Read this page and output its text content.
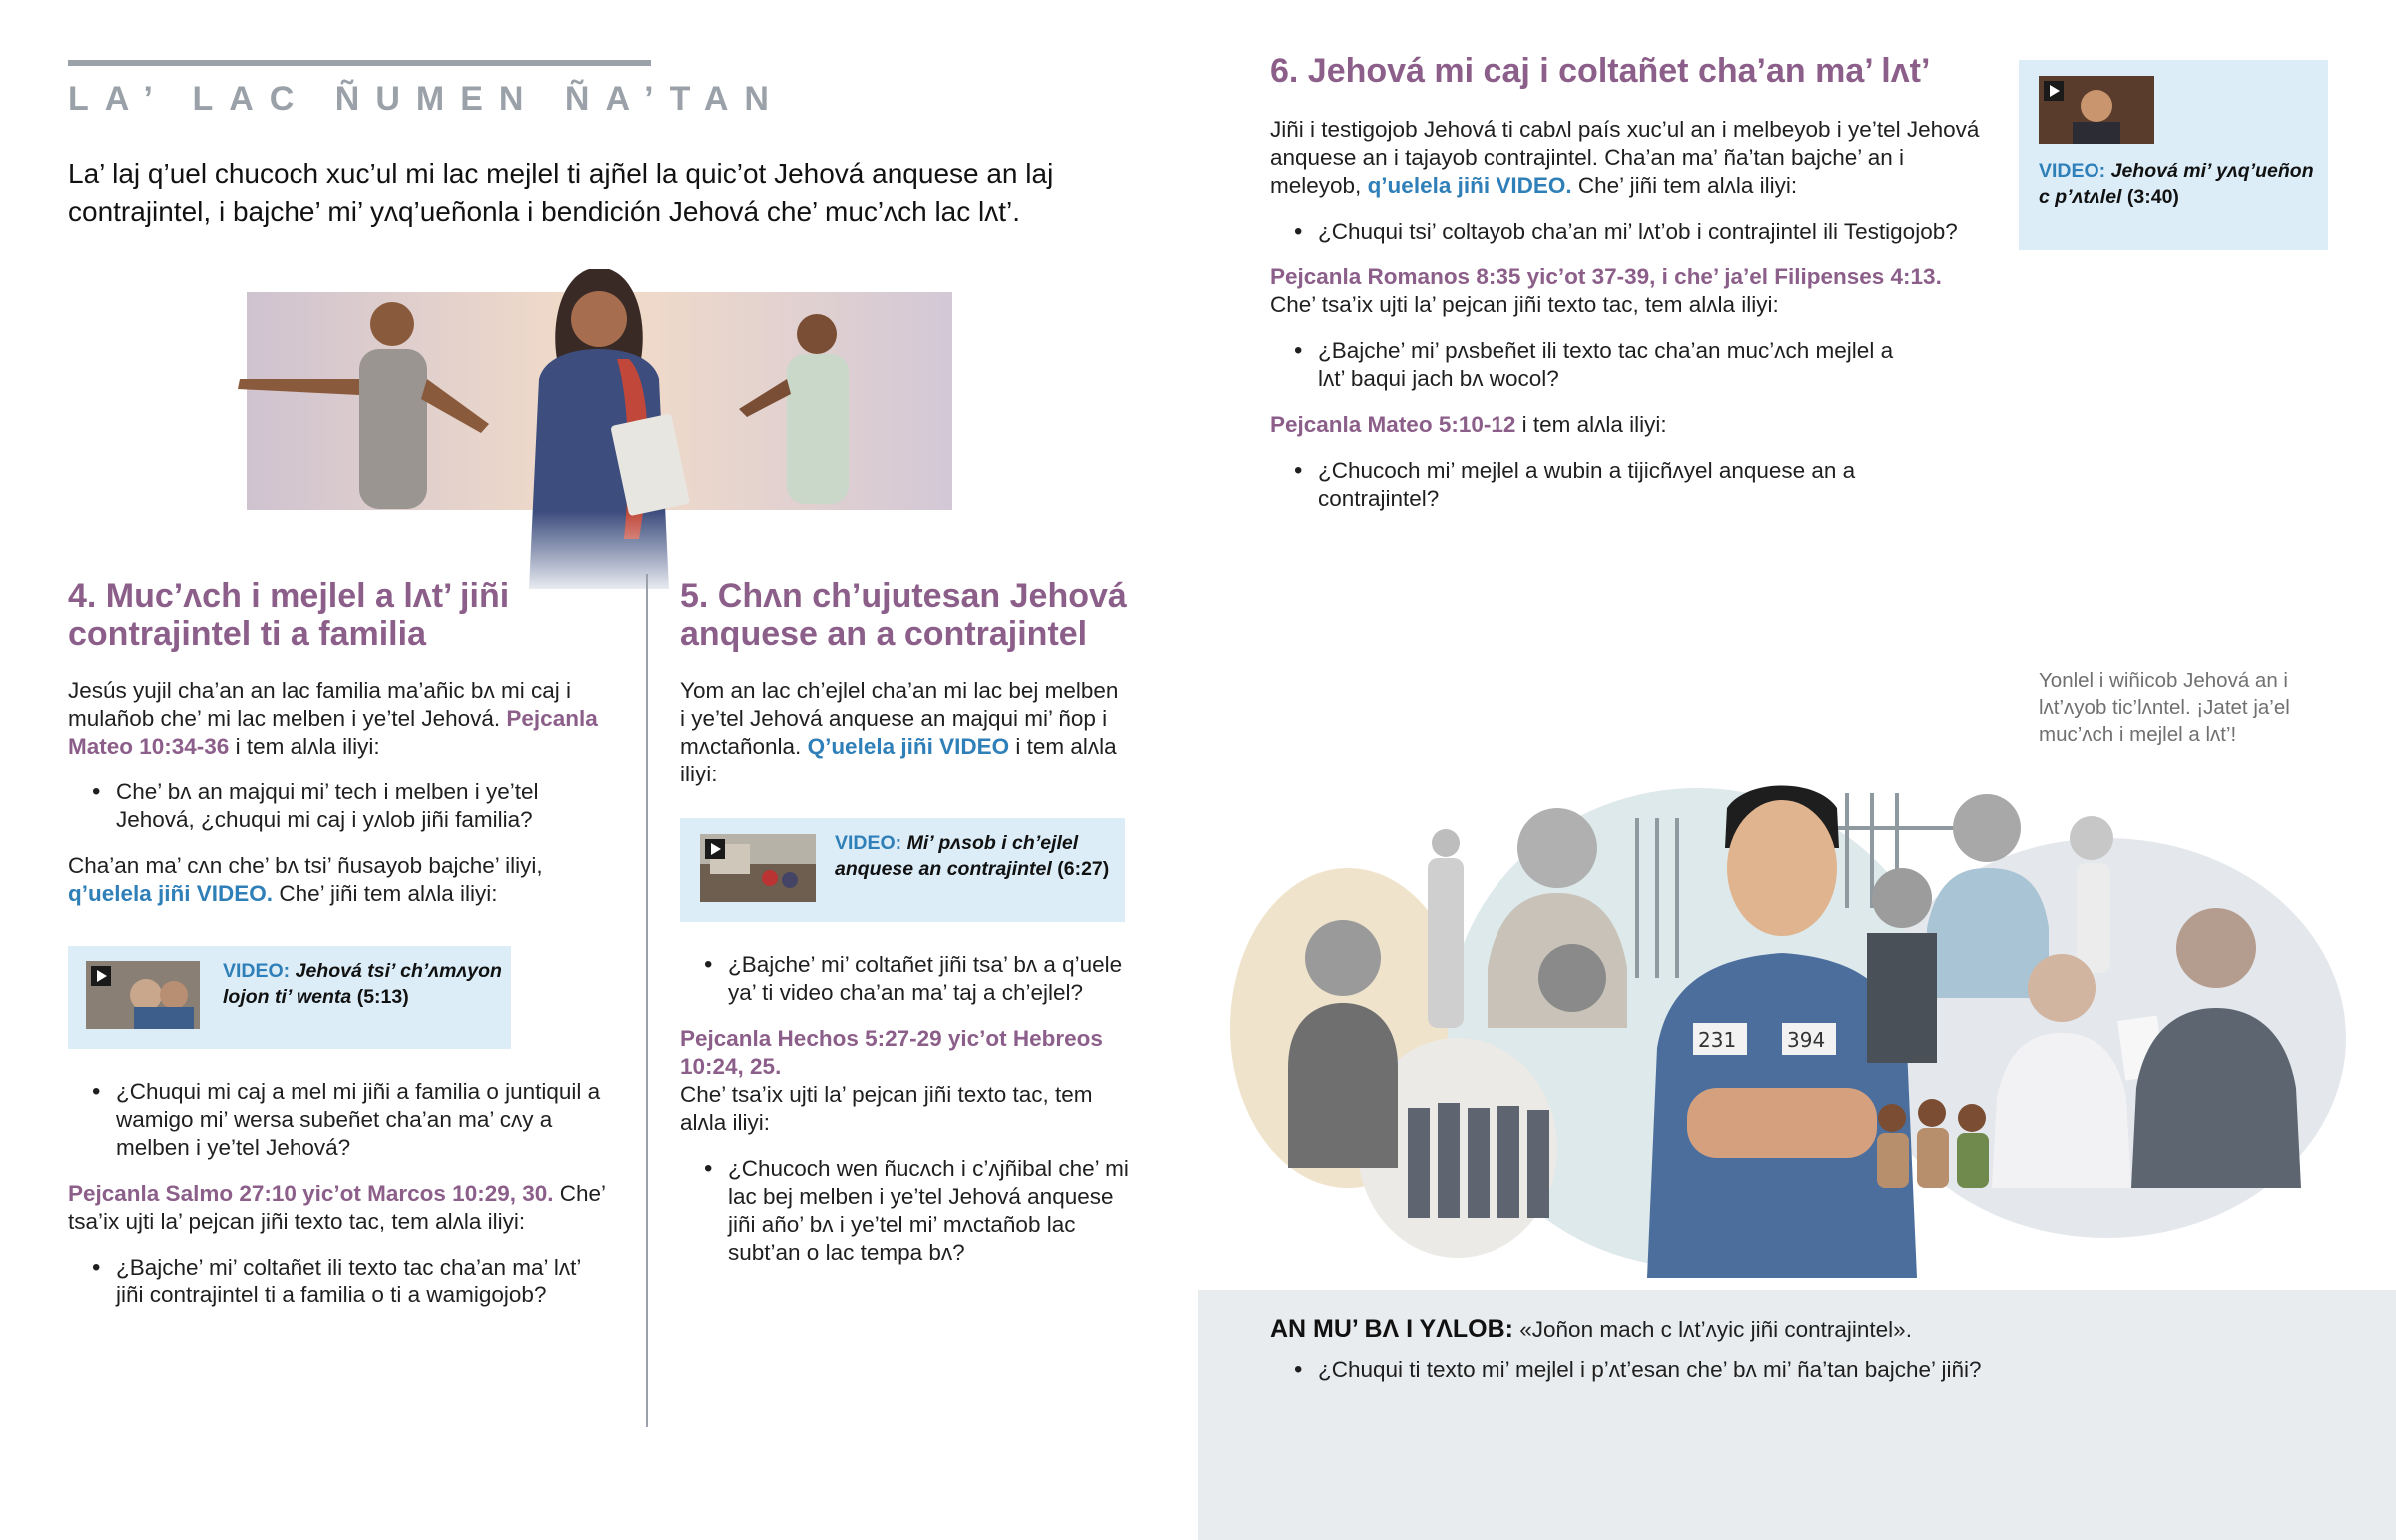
LA’ LAC ÑUMEN ÑA’TAN
La’ laj q’uel chucoch xuc’ul mi lac mejlel ti ajñel la quic’ot Jehová anquese an laj contrajintel, i bajche’ mi’ yʌq’ueñonla i bendición Jehová che’ muc’ʌch lac lʌt’.
4. Muc’ʌch i mejlel a lʌt’ jiñi contrajintel ti a familia

Jesús yujil cha’an an lac familia ma’añic bʌ mi caj i mulañob che’ mi lac melben i ye’tel Jehová. Pejcanla Mateo 10:34-36 i tem alʌla iliyi:

• Che’ bʌ an majqui mi’ tech i melben i ye’tel Jehová, ¿chuqui mi caj i yʌlob jiñi familia?

Cha’an ma’ cʌn che’ bʌ tsi’ ñusayob bajche’ iliyi, q’uelela jiñi VIDEO. Che’ jiñi tem alʌla iliyi:

VIDEO: Jehová tsi’ ch’ʌmʌyon lojon ti’ wenta (5:13)
• ¿Chuqui mi caj a mel mi jiñi a familia o juntiquil a wamigo mi’ wersa subeñet cha’an ma’ cʌy a melben i ye’tel Jehová?

Pejcanla Salmo 27:10 yic’ot Marcos 10:29, 30. Che’ tsa’ix ujti la’ pejcan jiñi texto tac, tem alʌla iliyi:

• ¿Bajche’ mi’ coltañet ili texto tac cha’an ma’ lʌt’ jiñi contrajintel ti a familia o ti a wamigojob?
5. Chʌn ch’ujutesan Jehová anquese an a contrajintel

Yom an lac ch’ejlel cha’an mi lac bej melben i ye’tel Jehová anquese an majqui mi’ ñop i mʌctañonla. Q’uelela jiñi VIDEO i tem alʌla iliyi:

VIDEO: Mi’ pʌsob i ch’ejlel anquese an contrajintel (6:27)
• ¿Bajche’ mi’ coltañet jiñi tsa’ bʌ a q’uele ya’ ti video cha’an ma’ taj a ch’ejlel?

Pejcanla Hechos 5:27-29 yic’ot Hebreos 10:24, 25.
Che’ tsa’ix ujti la’ pejcan jiñi texto tac, tem alʌla iliyi:

• ¿Chucoch wen ñucʌch i c’ʌjñibal che’ mi lac bej melben i ye’tel Jehová anquese jiñi año’ bʌ i ye’tel mi’ mʌctañob lac subt’an o lac tempa bʌ?
6. Jehová mi caj i coltañet cha’an ma’ lʌt’

Jiñi i testigojob Jehová ti cabʌl país xuc’ul an i melbeyob i ye’tel Jehová anquese an i tajayob contrajintel. Cha’an ma’ ña’tan bajche’ an i meleyob, q’uelela jiñi VIDEO. Che’ jiñi tem alʌla iliyi:

• ¿Chuqui tsi’ coltayob cha’an mi’ lʌt’ob i contrajintel ili Testigojob?

Pejcanla Romanos 8:35 yic’ot 37-39, i che’ ja’el Filipenses 4:13.
Che’ tsa’ix ujti la’ pejcan jiñi texto tac, tem alʌla iliyi:

• ¿Bajche’ mi’ pʌsbeñet ili texto tac cha’an muc’ʌch mejlel a lʌt’ baqui jach bʌ wocol?

Pejcanla Mateo 5:10-12 i tem alʌla iliyi:

• ¿Chucoch mi’ mejlel a wubin a tijicñʌyel anquese an a contrajintel?
VIDEO: Jehová mi’ yʌq’ueñon c p’ʌtʌlel (3:40)
Yonlel i wiñicob Jehová an i lʌt’ʌyob tic’lʌntel. ¡Jatet ja’el muc’ʌch i mejlel a lʌt’!
231	394

AN MU’ BɅ I YɅLOB: «Joñon mach c lʌt’ʌyic jiñi contrajintel».

• ¿Chuqui ti texto mi’ mejlel i p’ʌt’esan che’ bʌ mi’ ña’tan bajche’ jiñi?
